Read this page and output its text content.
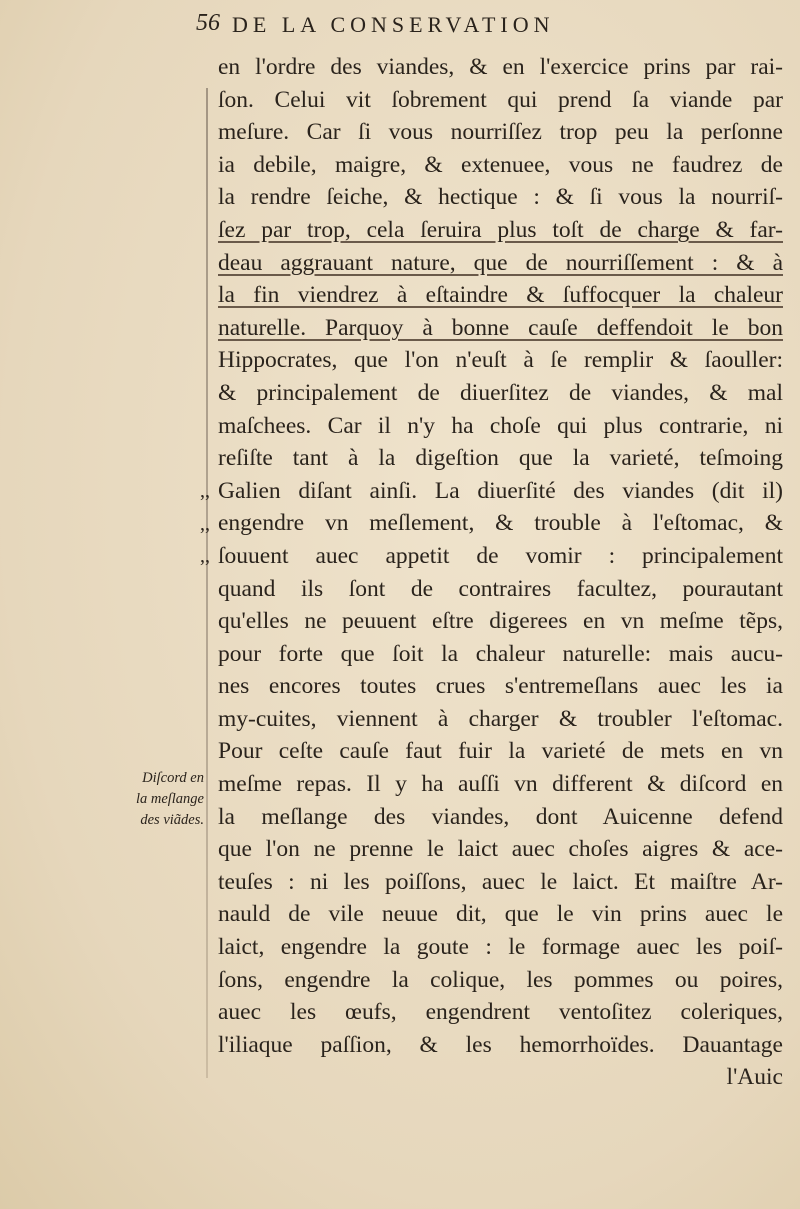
56 DE LA CONSERVATION
,,
,,
,,
Diſcord en
la meſlange
des viãdes.
en l'ordre des viandes, & en l'exercice prins par rai-
ſon. Celui vit ſobrement qui prend ſa viande par
meſure. Car ſi vous nourriſſez trop peu la perſonne
ia debile, maigre, & extenuee, vous ne faudrez de
la rendre ſeiche, & hectique : & ſi vous la nourriſ-
ſez par trop, cela ſeruira plus toſt de charge & far-
deau aggrauant nature, que de nourriſſement : & à
la fin viendrez à eſtaindre & ſuffocquer la chaleur
naturelle. Parquoy à bonne cauſe deffendoit le bon
Hippocrates, que l'on n'euſt à ſe remplir & ſaouller:
& principalement de diuerſitez de viandes, & mal
maſchees. Car il n'y ha choſe qui plus contrarie, ni
reſiſte tant à la digeſtion que la varieté, teſmoing
Galien diſant ainſi. La diuerſité des viandes (dit il)
engendre vn meſlement, & trouble à l'eſtomac, &
ſouuent auec appetit de vomir : principalement
quand ils ſont de contraires facultez, pourautant
qu'elles ne peuuent eſtre digerees en vn meſme tẽps,
pour forte que ſoit la chaleur naturelle: mais aucu-
nes encores toutes crues s'entremeſlans auec les ia
my-cuites, viennent à charger & troubler l'eſtomac.
Pour ceſte cauſe faut fuir la varieté de mets en vn
meſme repas. Il y ha auſſi vn different & diſcord en
la meſlange des viandes, dont Auicenne defend
que l'on ne prenne le laict auec choſes aigres & ace-
teuſes : ni les poiſſons, auec le laict. Et maiſtre Ar-
nauld de vile neuue dit, que le vin prins auec le
laict, engendre la goute : le formage auec les poiſ-
ſons, engendre la colique, les pommes ou poires,
auec les œufs, engendrent ventoſitez coleriques,
l'iliaque paſſion, & les hemorrhoïdes. Dauantage
l'Auic
